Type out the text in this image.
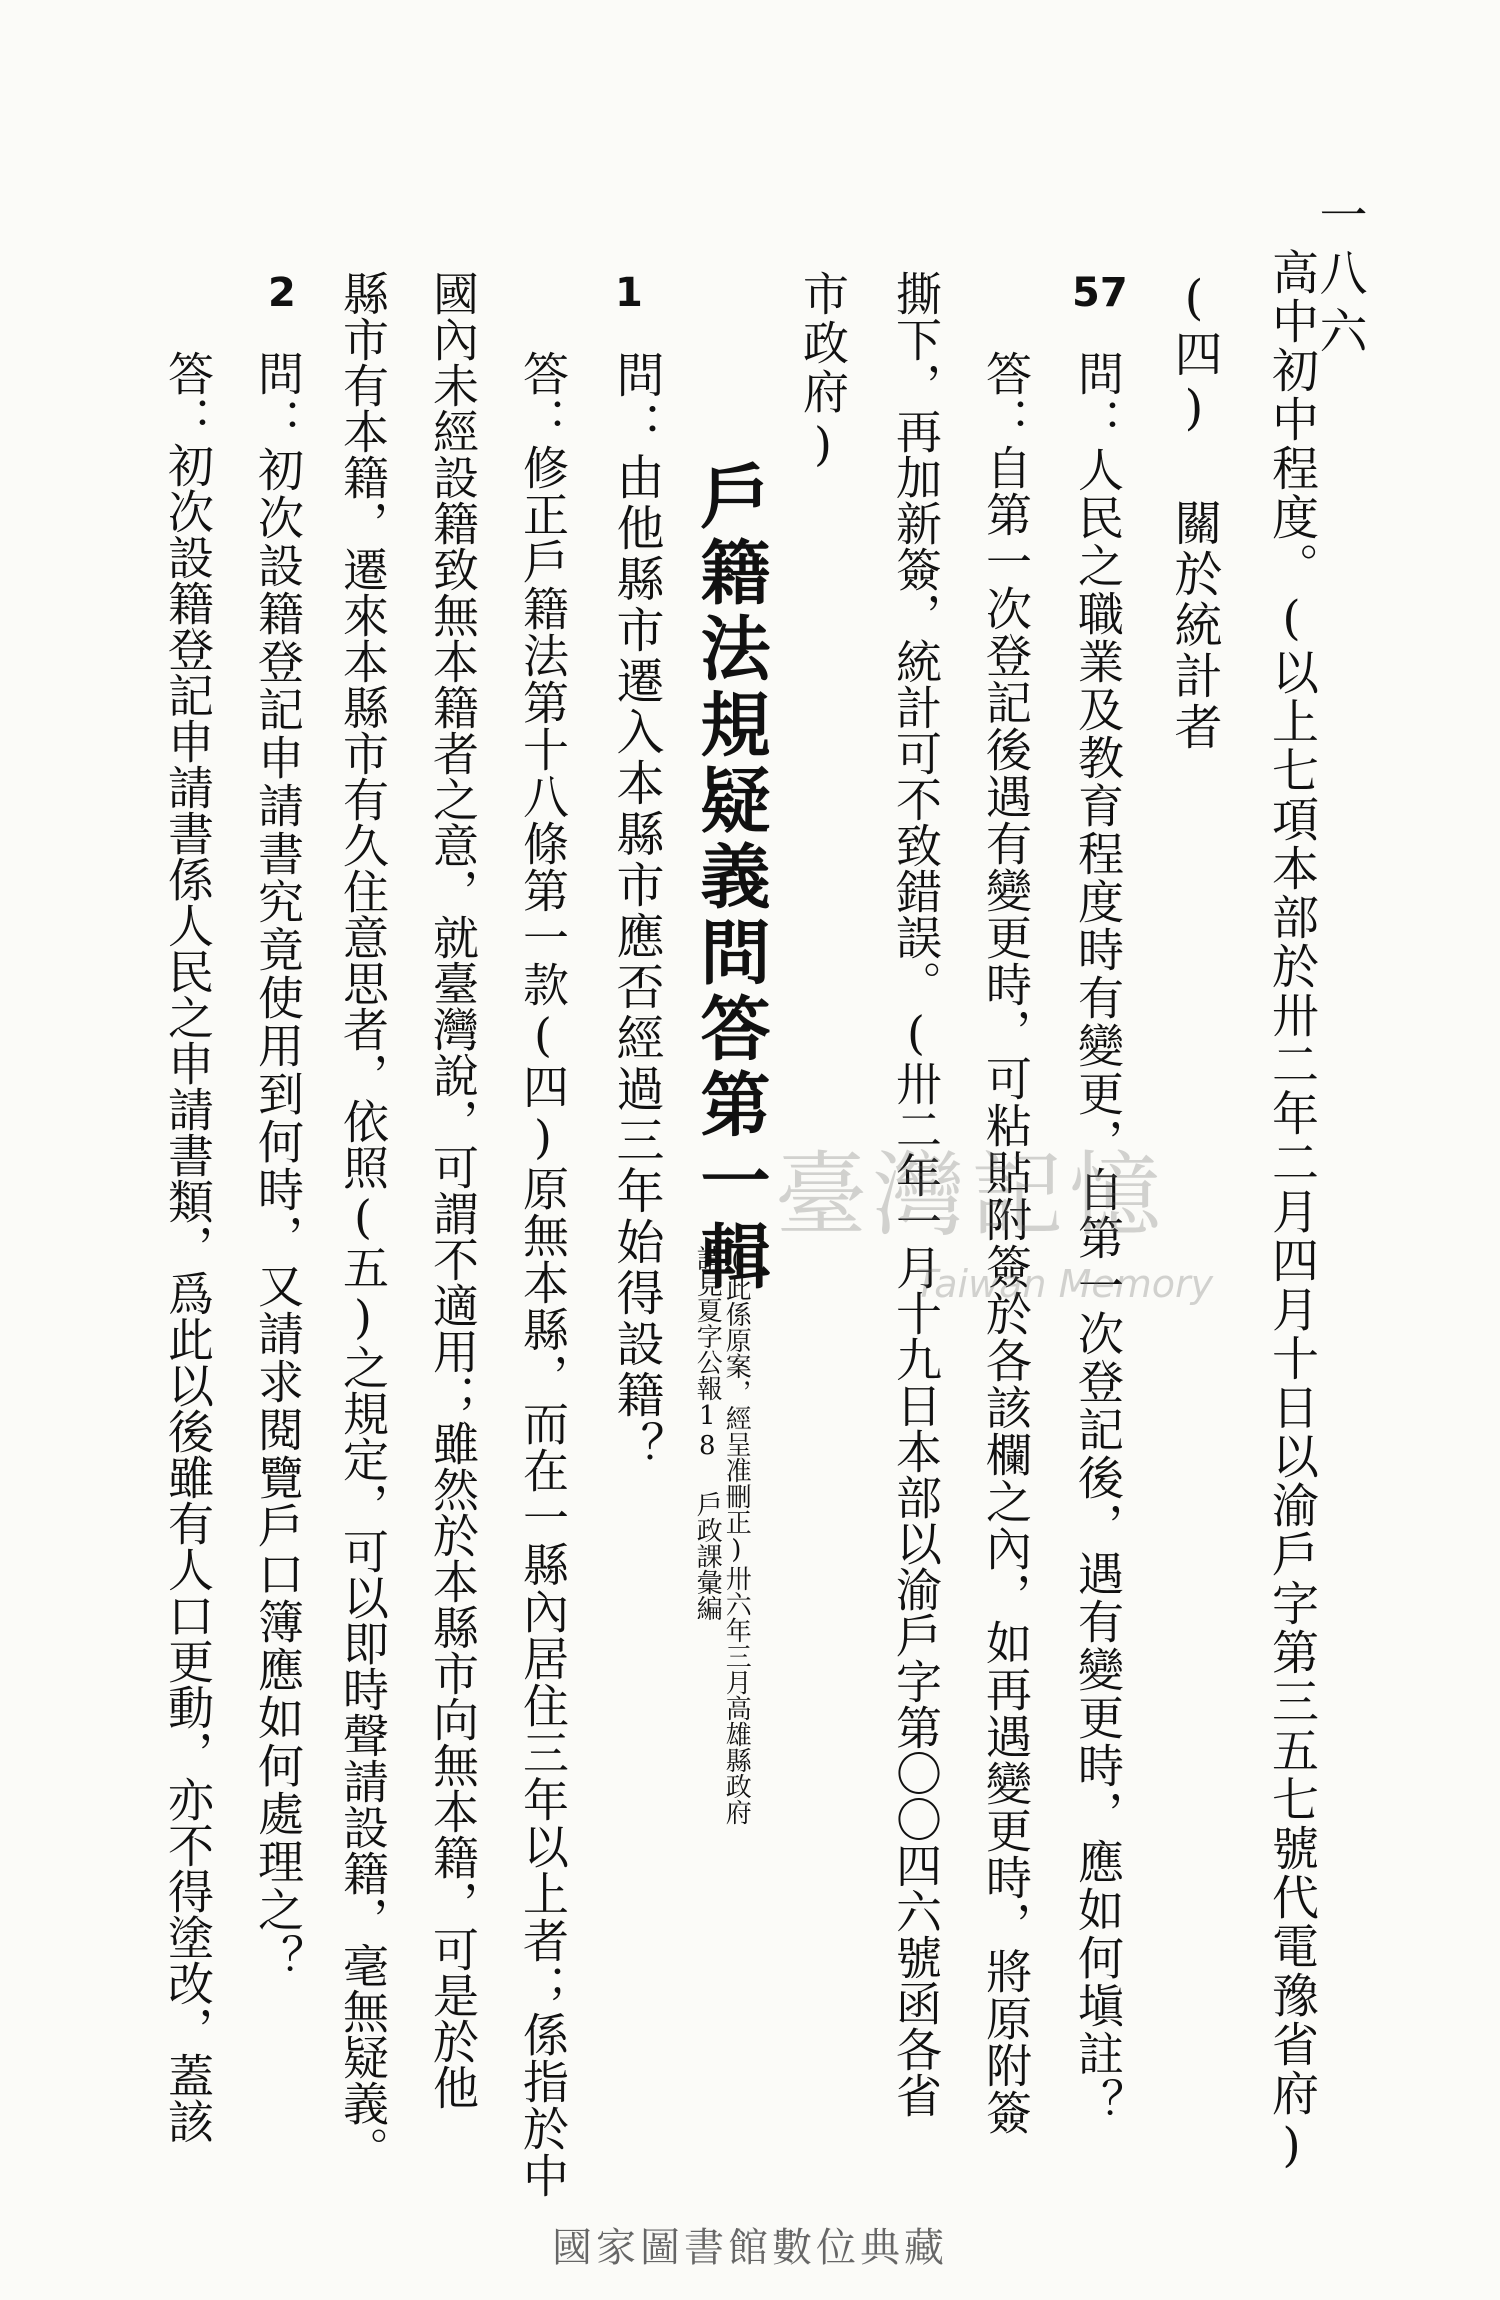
一八六
高中初中程度。(以上七項本部於卅二年二月四月十日以渝戶字第三五七號代電豫省府)
(四) 關於統計者
57
問：人民之職業及教育程度時有變更，自第一次登記後，遇有變更時，應如何塡註？
答：自第一次登記後遇有變更時，可粘貼附簽於各該欄之內，如再遇變更時，將原附簽
撕下，再加新簽，統計可不致錯誤。(卅二年一月十九日本部以渝戶字第〇〇四六號函各省
市政府)
戶籍法規疑義問答第一輯
(此係原案，經呈准刪正)卅六年三月高雄縣政府
請見夏字公報18 戶政課彙編
1
問：由他縣市遷入本縣市應否經過三年始得設籍？
答：修正戶籍法第十八條第一款(四)原無本縣，而在一縣內居住三年以上者；係指於中
國內未經設籍致無本籍者之意，就臺灣說，可謂不適用；雖然於本縣市向無本籍，可是於他
縣市有本籍，遷來本縣市有久住意思者，依照(五)之規定，可以即時聲請設籍，毫無疑義。
2
問：初次設籍登記申請書究竟使用到何時，又請求閱覽戶口簿應如何處理之？
答：初次設籍登記申請書係人民之申請書類，爲此以後雖有人口更動，亦不得塗改，蓋該	臺灣記憶
Taiwan Memory
國家圖書館數位典藏
